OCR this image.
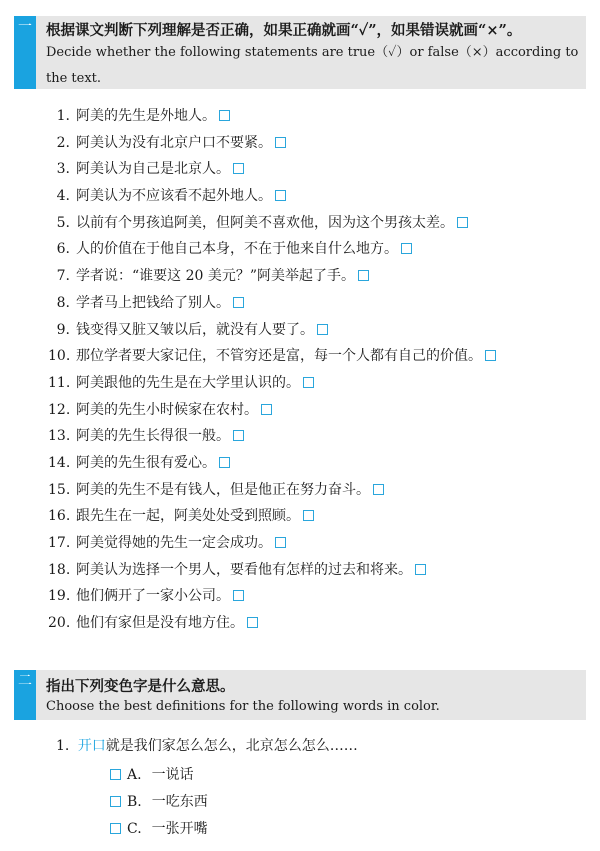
一 根据课文判断下列理解是否正确，如果正确就画“✓”，如果错误就画“×”。
Decide whether the following statements are true（✓）or false（×）according to the text.
1. 阿美的先生是外地人。
2. 阿美认为没有北京户口不要紧。
3. 阿美认为自己是北京人。
4. 阿美认为不应该看不起外地人。
5. 以前有个男孩追阿美，但阿美不喜欢他，因为这个男孩太差。
6. 人的价值在于他自己本身，不在于他来自什么地方。
7. 学者说：“谁要这 20 美元？”阿美举起了手。
8. 学者马上把钱给了别人。
9. 钱变得又脏又皱以后，就没有人要了。
10. 那位学者要大家记住，不管穷还是富，每一个人都有自己的价值。
11. 阿美跟他的先生是在大学里认识的。
12. 阿美的先生小时候家在农村。
13. 阿美的先生长得很一般。
14. 阿美的先生很有爱心。
15. 阿美的先生不是有钱人，但是他正在努力奋斗。
16. 跟先生在一起，阿美处处受到照顾。
17. 阿美觉得她的先生一定会成功。
18. 阿美认为选择一个男人，要看他有怎样的过去和将来。
19. 他们俩开了一家小公司。
20. 他们有家但是没有地方住。
二 指出下列变色字是什么意思。
Choose the best definitions for the following words in color.
1. 开口就是我们家怎么怎么，北京怎么怎么……
A. 一说话
B. 一吃东西
C. 一张开嘴
